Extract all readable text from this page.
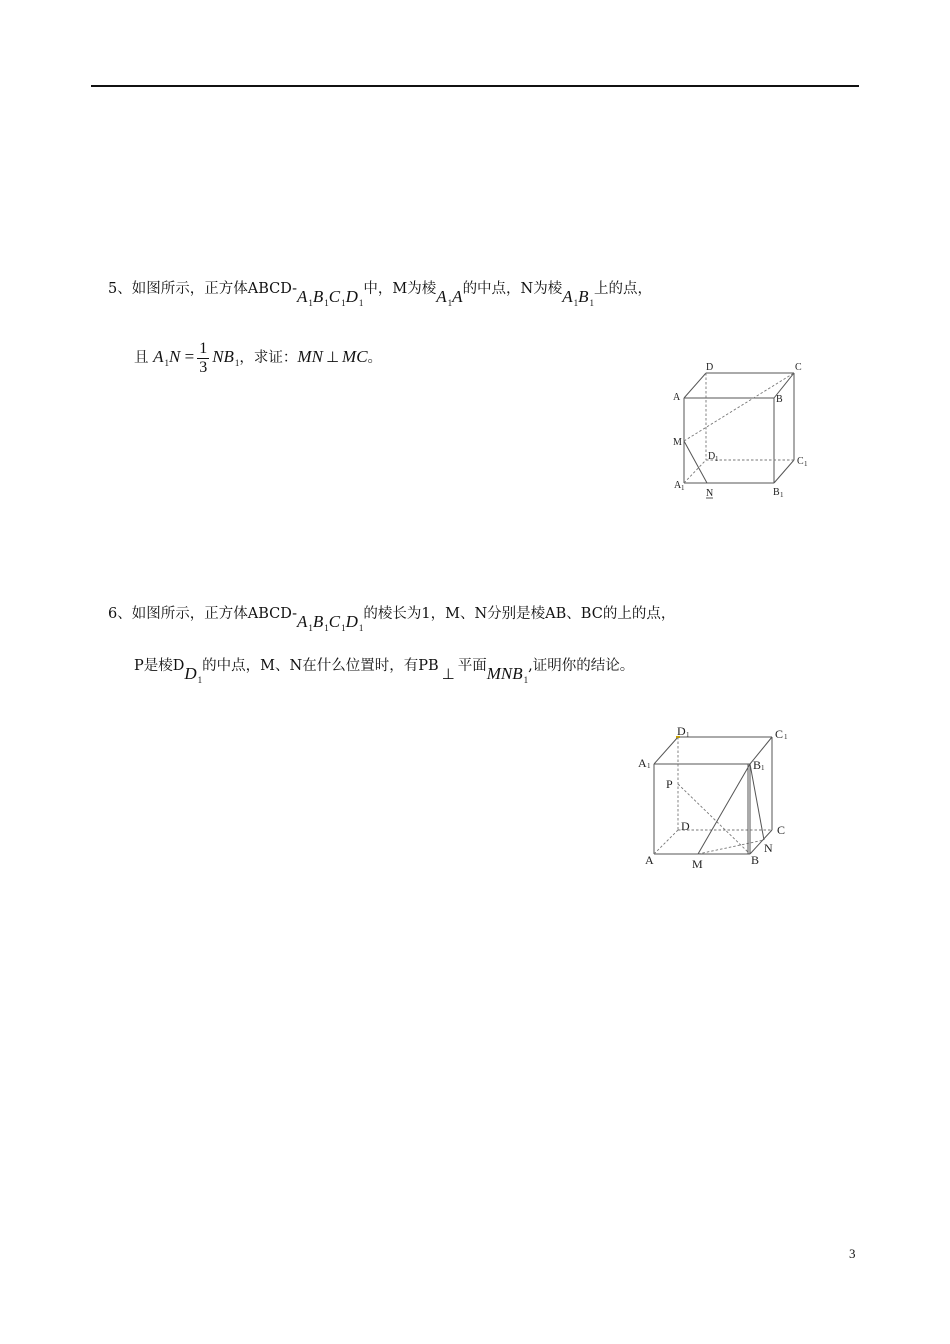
5、如图所示，正方体ABCD-$A_1B_1C_1D_1$中，M为棱$A_1A$的中点，N为棱$A_1B_1$上的点，
且 $A_1N = \frac{1}{3} NB_1$，求证：MN ⊥ MC。
D	C
A	B
M
D 1	C 1
A 1 N	B 1
6、如图所示，正方体ABCD-$A_1B_1C_1D_1$的棱长为1，M、N分别是棱AB、BC的上的点，
P是棱$DD_1$的中点，M、N在什么位置时，有PB ⊥ 平面$MNB_1$,证明你的结论。
D 1	C 1
A 1	B 1
P
D	C
A	M	B
N
3
